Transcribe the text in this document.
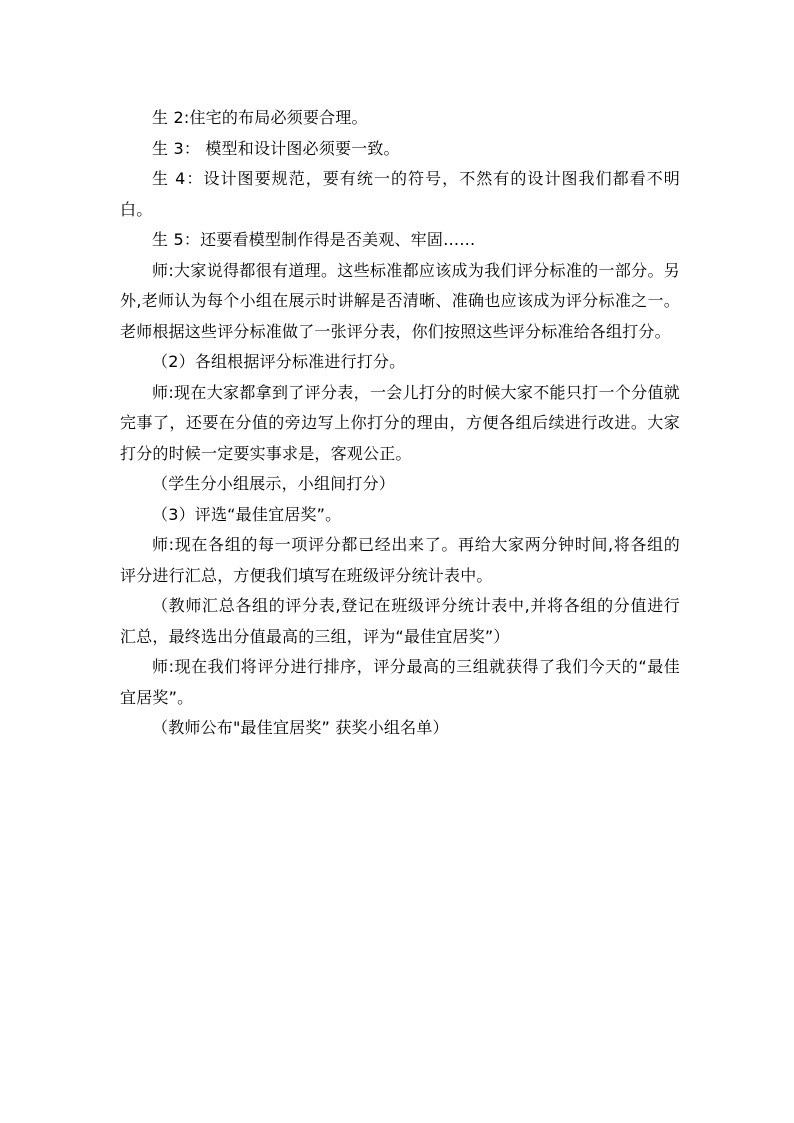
生 2:住宅的布局必须要合理。

生 3： 模型和设计图必须要一致。

生 4：设计图要规范，要有统一的符号，不然有的设计图我们都看不明白。

生 5：还要看模型制作得是否美观、牢固……

师:大家说得都很有道理。这些标准都应该成为我们评分标准的一部分。另外,老师认为每个小组在展示时讲解是否清晰、准确也应该成为评分标准之一。老师根据这些评分标准做了一张评分表，你们按照这些评分标准给各组打分。

（2）各组根据评分标准进行打分。

师:现在大家都拿到了评分表，一会儿打分的时候大家不能只打一个分值就完事了，还要在分值的旁边写上你打分的理由，方便各组后续进行改进。大家打分的时候一定要实事求是，客观公正。

（学生分小组展示，小组间打分）

（3）评选“最佳宜居奖”。

师:现在各组的每一项评分都已经出来了。再给大家两分钟时间,将各组的评分进行汇总，方便我们填写在班级评分统计表中。

（教师汇总各组的评分表,登记在班级评分统计表中,并将各组的分值进行汇总，最终选出分值最高的三组，评为“最佳宜居奖”）

师:现在我们将评分进行排序，评分最高的三组就获得了我们今天的“最佳宜居奖”。

（教师公布"最佳宜居奖” 获奖小组名单）
